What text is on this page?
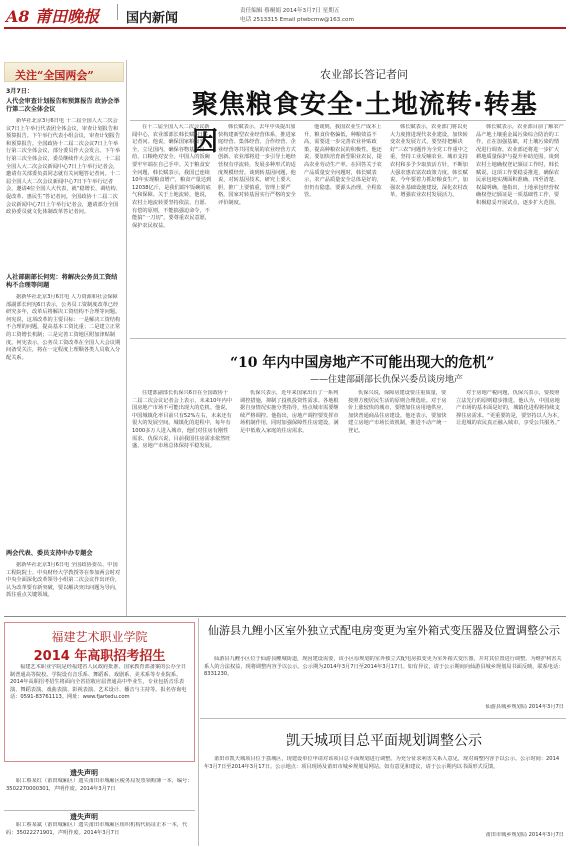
A8 莆田晚报 国内新闻	责任编辑 蔡桐娟 2014年3月7日 星期五
电话 2513315 Email ptwbcmw@163.com
关注“全国两会”
3月7日：
人代会审查计划报告和预算报告 政协会举行第二次全体会议
新华社北京3月6日电 十二届全国人大二次会议7日上午举行代表团全体会议，审查计划报告和预算报告。下午举行代表小组会议，审查计划报告和预算报告。全国政协十二届二次会议7日上午举行第二次全体会议，部分委员作大会发言。下午举行第三次全体会议，委员继续作大会发言。十二届全国人大二次会议新闻中心7日上午举行记者会，邀请有关部委负责同志就有关问题答记者问。十二届全国人大二次会议新闻中心7日下午举行记者会，邀请4位全国人大代表，就“稳增长、调结构、促改革、惠民生”答记者问。全国政协十二届二次会议新闻中心7日上午举行记者会，邀请部分全国政协委员就文化体制改革答记者问。
人社部副部长何宪：将解决公务员工资结构不合理等问题
据新华社北京3月6日电 人力资源和社会保障部副部长何宪6日表示，公务员工资制度改革已经研究多年，改革后将解决工资结构不合理等问题。何宪说，这项改革的主要目标：一是解决工资结构不合理的问题，提高基本工资比重；二是建立正常的工资增长机制；三是完善工资地区附加津贴制度。何宪表示，公务员工资改革在全国人大会议期间备受关注，将在一定程度上理顺各类人员收入分配关系。
两会代表、委员支持中办专题会
据新华社北京3月6日电 全国政协委员、中国工程院院士、中央财经大学教授等在参加两会时对中央全面深化改革领导小组第二次会议作出评价，认为改革要有新突破，要以解决突出问题为导向，抓住重点关键领域。
农业部长答记者问
聚焦粮食安全·土地流转·转基因
在十二届全国人大二次会议新闻中心，农业部部长韩长赋6日答记者问。他说，确保国家粮食安全，立足国内，确保谷物基本自给、口粮绝对安全。中国人的饭碗要牢牢端在自己手中。关于粮食安全问题，韩长赋表示，我国已连续10年实现粮食增产，粮食产量达到12038亿斤，是我们端牢饭碗的底气和保障。关于土地流转，他说，农村土地流转要坚持依法、自愿、有偿的原则，不能搞强迫命令，不能搞“一刀切”。要尊重农民意愿，保护农民权益。
韩长赋表示，去年中央提出加快构建新型农业经营体系，推进家庭经营、集体经营、合作经营、企业经营等共同发展的农业经营方式创新。农业部将进一步引导土地经营权有序流转，发展多种形式的适度规模经营。谈到转基因问题，他说，对转基因技术，研究上要大胆，推广上要慎重，管理上要严格。国家对转基因实行严格的安全评价制度。
他谈到，我国农业生产成本上升，粮食价格偏低，种粮效益不高，需要进一步完善农业补贴政策，提高种粮农民的积极性。他还说，要加快培育新型职业农民，提高农业劳动生产率。在回答关于农产品质量安全问题时，韩长赋表示，农产品质量安全总体是好的，但仍有隐患，要源头治理，全程监管。
韩长赋表示，农业部门将以更大力度推进现代农业建设，加快转变农业发展方式。要坚持把解决好“三农”问题作为全党工作重中之重，坚持工业反哺农业、城市支持农村和多予少取放活方针，不断加大强农惠农富农政策力度。韩长赋说，今年要着力抓好粮食生产，加强农业基础设施建设，深化农村改革，增强农业农村发展活力。
韩长赋表示，农业部目前了解农产品产地土壤重金属污染综合防治的工作，正在加强基础，对土壤污染的情况进行调查。农业部还将进一步扩大耕地质量保护与提升补助范围。谈到农村土地确权登记颁证工作时，韩长赋说，这项工作要稳妥推进，确保农民承包地实测面积准确、四至清楚、权属明确。他指出，土地承包经营权确权登记颁证是一项基础性工作，要积极稳妥开展试点，逐步扩大范围。
“10 年内中国房地产不可能出现大的危机”
——住建部副部长仇保兴委员谈房地产
住建部副部长仇保兴6日在全国政协十二届二次会议记者会上表示，未来10年内中国房地产市场不可能出现大的危机。他说，中国城镇化率目前只有52%左右，未来还有很大的发展空间。城镇化的进程中，每年有1000多万人进入城市，他们对住房有刚性需求。仇保兴说，目前我国住房需求依然旺盛，房地产市场总体保持平稳发展。
仇保兴表示，近年来国家出台了一系列调控措施，抑制了投机投资性需求。各地根据自身情况实施分类指导，热点城市需要继续严格调控。他指出，房地产调控要发挥市场机制作用，同时加强保障性住房建设，满足中低收入家庭的住房需求。
仇保兴说，保障房建设要注重质量，要按照方便居民生活的原则合理选址。对于房价上涨较快的城市，要增加住房用地供应，加快普通商品住房建设。他还表示，要加快建立房地产市场长效机制，推进不动产统一登记。
对于房地产税问题，仇保兴表示，要按照立法先行的原则稳步推进。他认为，中国房地产市场的基本面是好的，城镇化进程将持续支撑住房需求。“更重要的是，要坚持以人为本，让进城的农民真正融入城市，享受公共服务。”
福建艺术职业学院
2014 年高职招考招生
福建艺术职业学院是经福建省人民政府批准、国家教育部备案的公办全日制普通高等院校。学院设有音乐系、舞蹈系、戏剧系、美术系等专业院系。2014年高职招考招生将面向全省招收应届普通高中毕业生，专业包括音乐表演、舞蹈表演、戏曲表演、影视表演、艺术设计、播音与主持等。报名咨询电话：0591-83761113。网址：www.fjartedu.com
遗失声明
职工蔡某红（莆田城厢区）遗失莆田市城厢区税务局发票领购簿一本，编号：3502270000301，声明作废。2014年3月7日
遗失声明
职工蔡某斌（莆田城厢区）遗失莆田市城厢区组织机构代码证正本一本，代码：35022271901，声明作废。2014年3月7日
仙游县九鲤小区室外独立式配电房变更为室外箱式变压器及位置调整公示
仙游县九鲤小区位于仙游县鲤城街道，现因建设需要，该小区原规划的室外独立式配电房拟变更为室外箱式变压器，并对其位置进行调整。为维护利害关系人的合法权益，现将调整内容予以公示。公示期为2014年3月7日至2014年3月17日。如有异议，请于公示期间向仙游县城乡规划局书面反映。联系电话：8331230。
仙游县城乡规划局 2014年3月7日
凯天城项目总平面规划调整公示
莆田市凯天城项目位于荔城区，现建设单位申请对该项目总平面规划进行调整。为充分征求利害关系人意见，现对调整内容予以公示。公示时间：2014年3月7日至2014年3月17日。公示地点：项目现场及莆田市城乡规划局网站。如有意见和建议，请于公示期内以书面形式反馈。
莆田市城乡规划局 2014年3月7日
